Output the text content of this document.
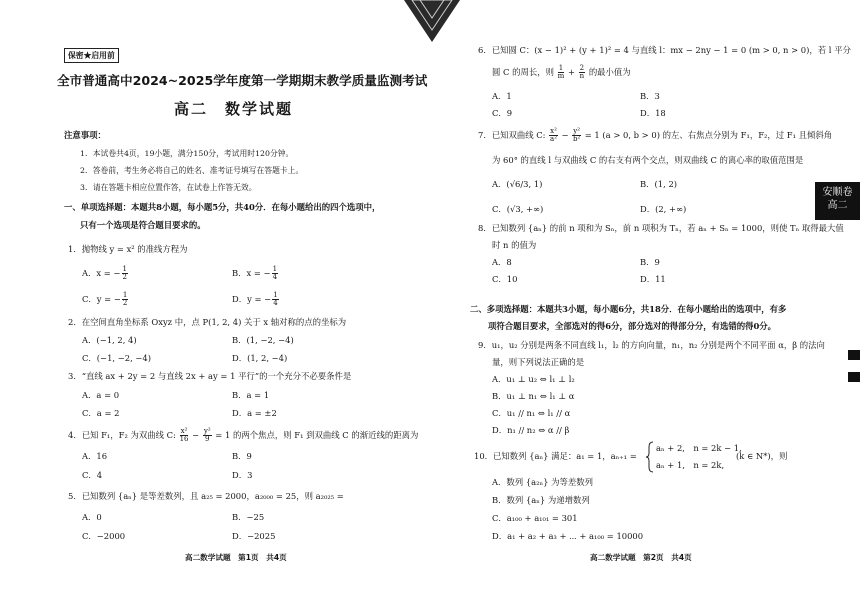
安顺卷
高二
保密★启用前
全市普通高中2024~2025学年度第一学期期末教学质量监测考试
高二　数学试题
注意事项：
1．本试卷共4页，19小题，满分150分，考试用时120分钟。
2．答卷前，考生务必将自己的姓名、准考证号填写在答题卡上。
3．请在答题卡相应位置作答，在试卷上作答无效。
一、单项选择题：本题共8小题，每小题5分，共40分．在每小题给出的四个选项中，
只有一个选项是符合题目要求的。
1．抛物线 y = x² 的准线方程为
A．x = − $\frac{1}{2}$	B．x = − $\frac{1}{4}$
C．y = − $\frac{1}{2}$	D．y = − $\frac{1}{4}$
2．在空间直角坐标系 Oxyz 中，点 P(1, 2, 4) 关于 x 轴对称的点的坐标为
A．(−1, 2, 4)	B．(1, −2, −4)
C．(−1, −2, −4)	D．(1, 2, −4)
3．“直线 ax + 2y = 2 与直线 2x + ay = 1 平行”的一个充分不必要条件是
A．a = 0	B．a = 1
C．a = 2	D．a = ±2
4．已知 F₁，F₂ 为双曲线 C: $\frac{\text{x²}}{16} - \frac{\text{y²}}{9} = 1$ 的两个焦点，则 F₁ 到双曲线 C 的渐近线的距离为
A．16	B．9
C．4	D．3
5．已知数列 {aₙ} 是等差数列，且 a₂₅ = 2000，a₂₀₀₀ = 25，则 a₂₀₂₅ =
A．0	B．−25
C．−2000	D．−2025
高二数学试题　第1页　共4页
6．已知圆 C：(x − 1)² + (y + 1)² = 4 与直线 l：mx − 2ny − 1 = 0 (m > 0, n > 0)，若 l 平分
圆 C 的周长，则 $\frac{1}{m} + \frac{2}{n}$ 的最小值为
A．1	B．3
C．9	D．18
7．已知双曲线 C: $\frac{\text{x²}}{\text{a²}} - \frac{\text{y²}}{\text{b²}} = 1$ (a > 0, b > 0) 的左、右焦点分别为 F₁，F₂，过 F₁ 且倾斜角
为 60° 的直线 l 与双曲线 C 的右支有两个交点，则双曲线 C 的离心率的取值范围是
A．(√6/3, 1)	B．(1, 2)
C．(√3, +∞)	D．(2, +∞)
8．已知数列 {aₙ} 的前 n 项和为 Sₙ，前 n 项积为 Tₙ，若 aₙ + Sₙ = 1000，则使 Tₙ 取得最大值
时 n 的值为
A．8	B．9
C．10	D．11
二、多项选择题：本题共3小题，每小题6分，共18分．在每小题给出的选项中，有多
项符合题目要求，全部选对的得6分，部分选对的得部分分，有选错的得0分。
9．u₁，u₂ 分别是两条不同直线 l₁，l₂ 的方向向量，n₁，n₂ 分别是两个不同平面 α，β 的法向
量，则下列说法正确的是
A．u₁ ⊥ u₂ ⇔ l₁ ⊥ l₂
B．u₁ ⊥ n₁ ⇔ l₁ ⊥ α
C．u₁ // n₁ ⇔ l₁ // α
D．n₁ // n₂ ⇔ α // β
10．已知数列 {aₙ} 满足：a₁ = 1，aₙ₊₁ =
aₙ + 2,　n = 2k − 1,
aₙ + 1,　n = 2k,
(k ∈ N*)，则
A．数列 {a₂ₙ} 为等差数列
B．数列 {aₙ} 为递增数列
C．a₁₀₀ + a₁₀₁ = 301
D．a₁ + a₂ + a₃ + ⋯ + a₁₀₀ = 10000
高二数学试题　第2页　共4页
